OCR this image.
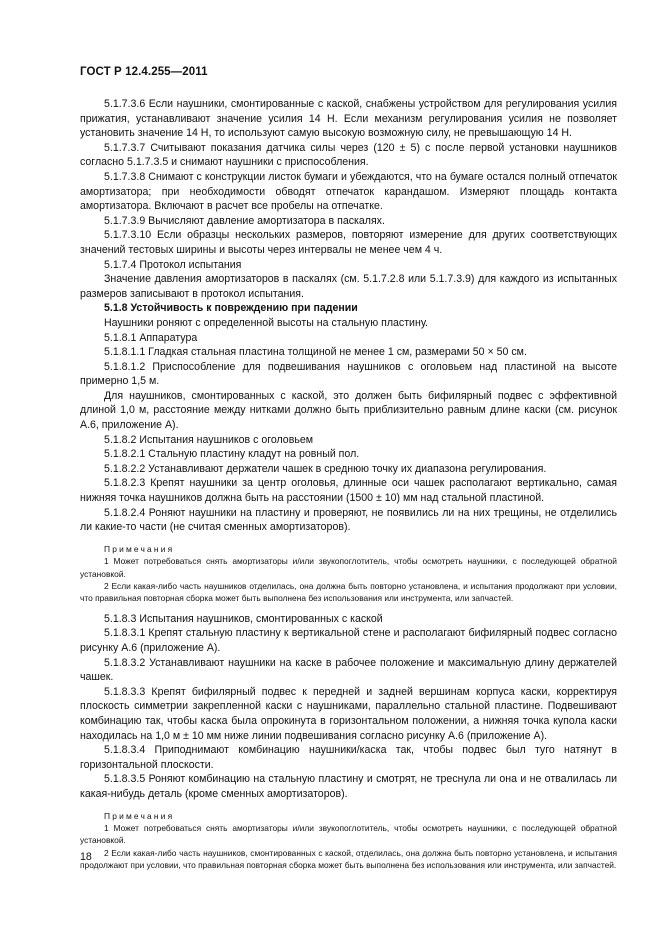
ГОСТ Р 12.4.255—2011

5.1.7.3.6 Если наушники, смонтированные с каской, снабжены устройством для регулирования усилия прижатия, устанавливают значение усилия 14 Н. Если механизм регулирования усилия не позволяет установить значение 14 Н, то используют самую высокую возможную силу, не превышающую 14 Н.

5.1.7.3.7 Считывают показания датчика силы через (120 ± 5) с после первой установки наушников согласно 5.1.7.3.5 и снимают наушники с приспособления.

5.1.7.3.8 Снимают с конструкции листок бумаги и убеждаются, что на бумаге остался полный отпечаток амортизатора; при необходимости обводят отпечаток карандашом. Измеряют площадь контакта амортизатора. Включают в расчет все пробелы на отпечатке.

5.1.7.3.9 Вычисляют давление амортизатора в паскалях.

5.1.7.3.10 Если образцы нескольких размеров, повторяют измерение для других соответствующих значений тестовых ширины и высоты через интервалы не менее чем 4 ч.

5.1.7.4 Протокол испытания

Значение давления амортизаторов в паскалях (см. 5.1.7.2.8 или 5.1.7.3.9) для каждого из испытанных размеров записывают в протокол испытания.

5.1.8 Устойчивость к повреждению при падении

Наушники роняют с определенной высоты на стальную пластину.

5.1.8.1 Аппаратура

5.1.8.1.1 Гладкая стальная пластина толщиной не менее 1 см, размерами 50 × 50 см.

5.1.8.1.2 Приспособление для подвешивания наушников с оголовьем над пластиной на высоте примерно 1,5 м.

Для наушников, смонтированных с каской, это должен быть бифилярный подвес с эффективной длиной 1,0 м, расстояние между нитками должно быть приблизительно равным длине каски (см. рисунок А.6, приложение А).

5.1.8.2 Испытания наушников с оголовьем

5.1.8.2.1 Стальную пластину кладут на ровный пол.

5.1.8.2.2 Устанавливают держатели чашек в среднюю точку их диапазона регулирования.

5.1.8.2.3 Крепят наушники за центр оголовья, длинные оси чашек располагают вертикально, самая нижняя точка наушников должна быть на расстоянии (1500 ± 10) мм над стальной пластиной.

5.1.8.2.4 Роняют наушники на пластину и проверяют, не появились ли на них трещины, не отделились ли какие-то части (не считая сменных амортизаторов).

Примечания

1 Может потребоваться снять амортизаторы и/или звукопоглотитель, чтобы осмотреть наушники, с последующей обратной установкой.

2 Если какая-либо часть наушников отделилась, она должна быть повторно установлена, и испытания продолжают при условии, что правильная повторная сборка может быть выполнена без использования или инструмента, или запчастей.

5.1.8.3 Испытания наушников, смонтированных с каской

5.1.8.3.1 Крепят стальную пластину к вертикальной стене и располагают бифилярный подвес согласно рисунку А.6 (приложение А).

5.1.8.3.2 Устанавливают наушники на каске в рабочее положение и максимальную длину держателей чашек.

5.1.8.3.3 Крепят бифилярный подвес к передней и задней вершинам корпуса каски, корректируя плоскость симметрии закрепленной каски с наушниками, параллельно стальной пластине. Подвешивают комбинацию так, чтобы каска была опрокинута в горизонтальном положении, а нижняя точка купола каски находилась на 1,0 м ± 10 мм ниже линии подвешивания согласно рисунку А.6 (приложение А).

5.1.8.3.4 Приподнимают комбинацию наушники/каска так, чтобы подвес был туго натянут в горизонтальной плоскости.

5.1.8.3.5 Роняют комбинацию на стальную пластину и смотрят, не треснула ли она и не отвалилась ли какая-нибудь деталь (кроме сменных амортизаторов).

Примечания

1 Может потребоваться снять амортизаторы и/или звукопоглотитель, чтобы осмотреть наушники, с последующей обратной установкой.

2 Если какая-либо часть наушников, смонтированных с каской, отделилась, она должна быть повторно установлена, и испытания продолжают при условии, что правильная повторная сборка может быть выполнена без использования или инструмента, или запчастей.

18
